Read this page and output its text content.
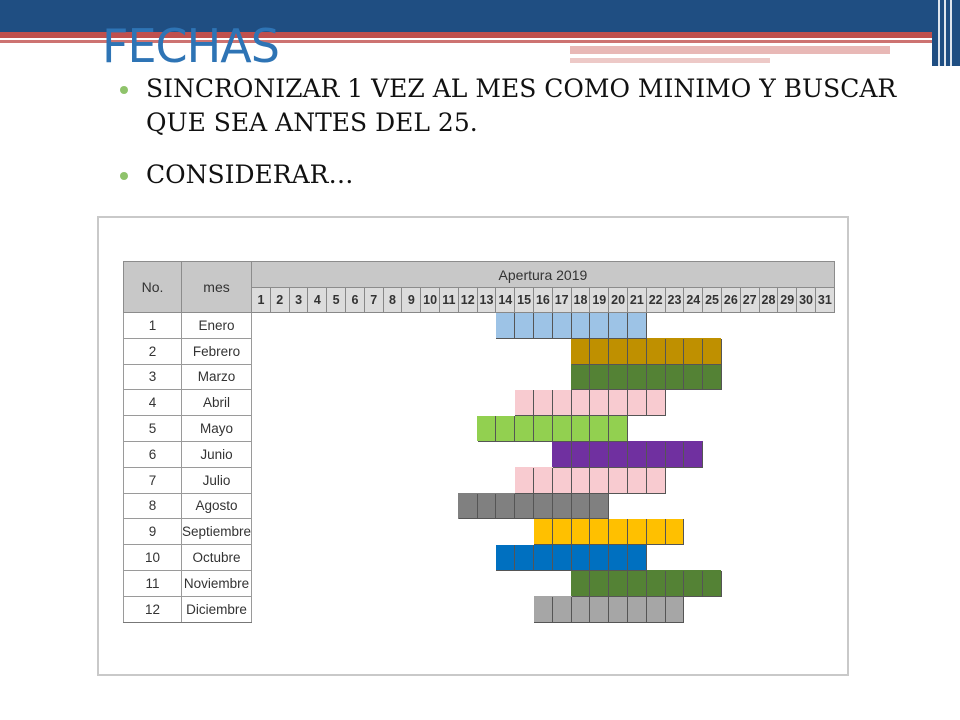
FECHAS
SINCRONIZAR 1 VEZ AL MES COMO MINIMO Y BUSCAR QUE SEA ANTES DEL 25.
CONSIDERAR…
No.	mes	Apertura 2019																														
		1	2	3	4	5	6	7	8	9	10	11	12	13	14	15	16	17	18	19	20	21	22	23	24	25	26	27	28	29	30	31
1	Enero																															
2	Febrero																															
3	Marzo																															
4	Abril																															
5	Mayo																															
6	Junio																															
7	Julio																															
8	Agosto																															
9	Septiembre																															
10	Octubre																															
11	Noviembre																															
12	Diciembre																															
